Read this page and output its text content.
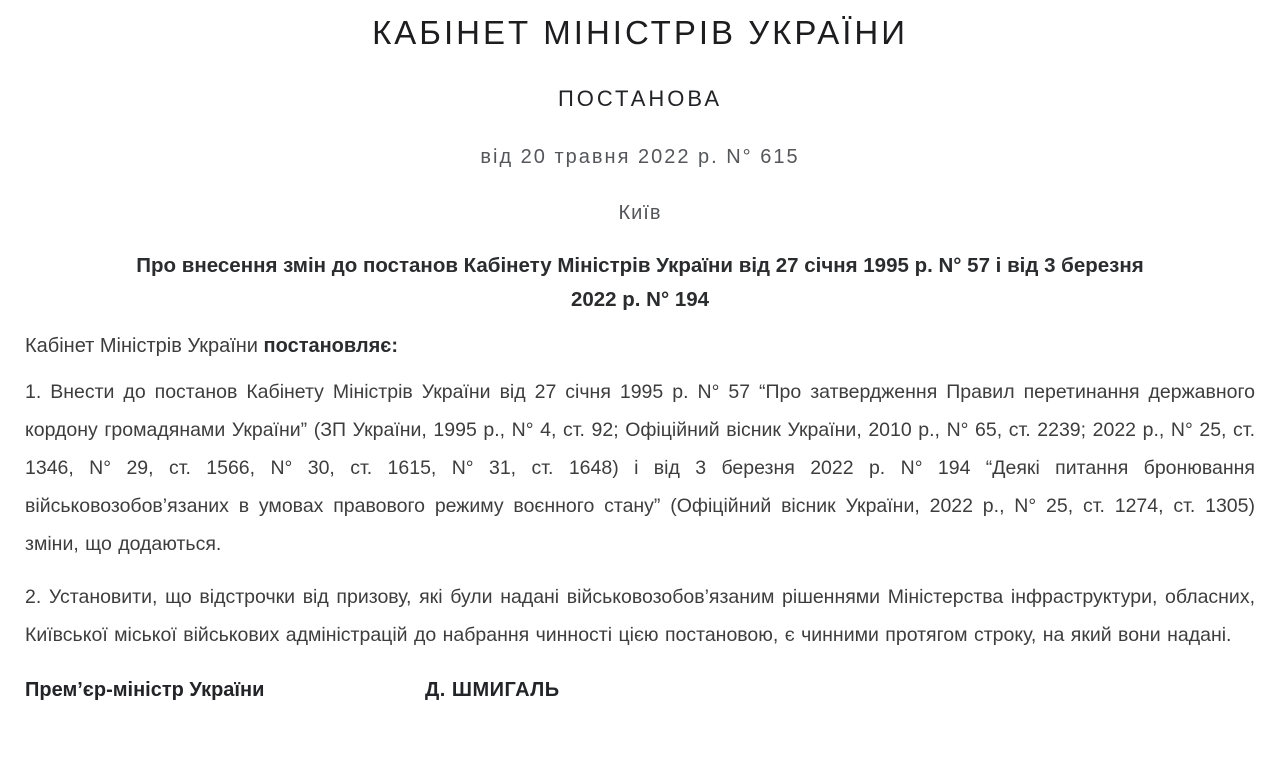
КАБІНЕТ МІНІСТРІВ УКРАЇНИ
ПОСТАНОВА
від 20 травня 2022 р. N° 615
Київ
Про внесення змін до постанов Кабінету Міністрів України від 27 січня 1995 р. N° 57 і від 3 березня
2022 р. N° 194
Кабінет Міністрів України постановляє:

1. Внести до постанов Кабінету Міністрів України від 27 січня 1995 р. N° 57 “Про затвердження Правил перетинання державного кордону громадянами України” (ЗП України, 1995 р., N° 4, ст. 92; Офіційний вісник України, 2010 р., N° 65, ст. 2239; 2022 р., N° 25, ст. 1346, N° 29, ст. 1566, N° 30, ст. 1615, N° 31, ст. 1648) і від 3 березня 2022 р. N° 194 “Деякі питання бронювання військовозобов’язаних в умовах правового режиму воєнного стану” (Офіційний вісник України, 2022 р., N° 25, ст. 1274, ст. 1305) зміни, що додаються.

2. Установити, що відстрочки від призову, які були надані військовозобов’язаним рішеннями Міністерства інфраструктури, обласних, Київської міської військових адміністрацій до набрання чинності цією постановою, є чинними протягом строку, на який вони надані.

Прем’єр-міністр України	Д. ШМИГАЛЬ
